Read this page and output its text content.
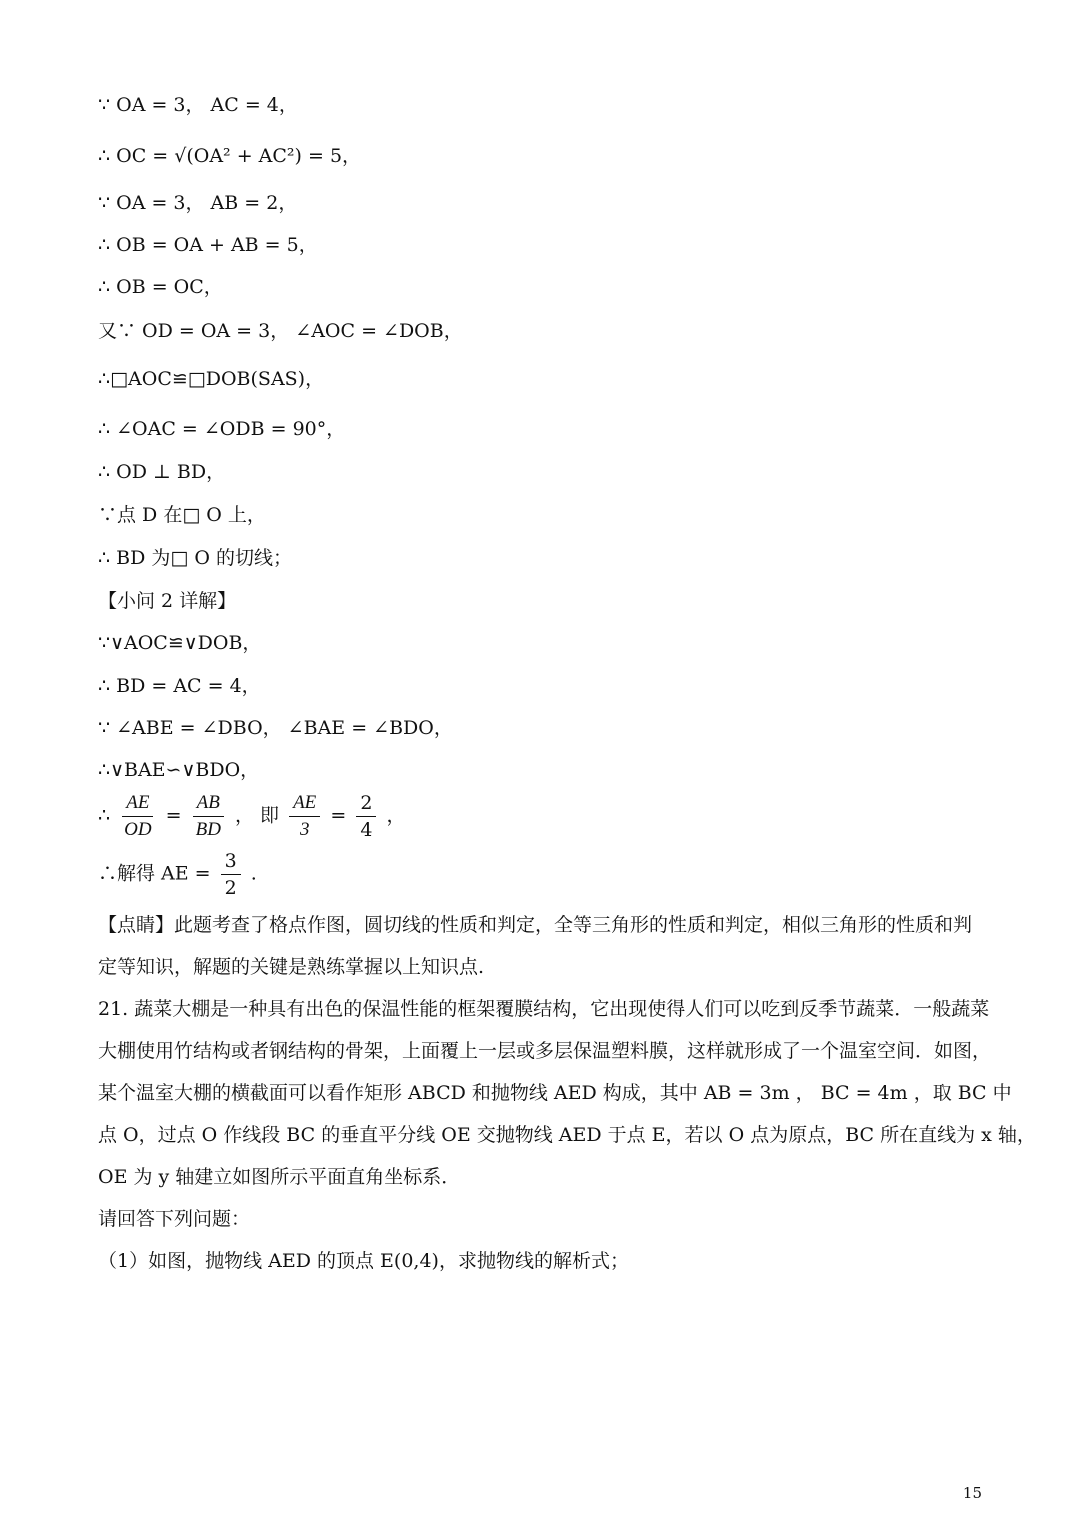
∵ OA = 3， AC = 4，
∴ OC = √(OA² + AC²) = 5，
∵ OA = 3， AB = 2，
∴ OB = OA + AB = 5，
∴ OB = OC，
又∵ OD = OA = 3， ∠AOC = ∠DOB，
∴□AOC≌□DOB(SAS)，
∴ ∠OAC = ∠ODB = 90°，
∴ OD ⊥ BD，
∵点 D 在□ O 上，
∴ BD 为□ O 的切线；
【小问 2 详解】
∵∨AOC≌∨DOB，
∴ BD = AC = 4，
∵ ∠ABE = ∠DBO， ∠BAE = ∠BDO，
∴∨BAE∽∨BDO，
∴ $\frac{AE}{OD} = \frac{AB}{BD}$ ， 即 $\frac{AE}{3} = \frac{2}{4}$ ，
∴解得 AE = $\frac{3}{2}$ .
【点睛】此题考查了格点作图，圆切线的性质和判定，全等三角形的性质和判定，相似三角形的性质和判
定等知识，解题的关键是熟练掌握以上知识点.
21. 蔬菜大棚是一种具有出色的保温性能的框架覆膜结构，它出现使得人们可以吃到反季节蔬菜．一般蔬菜
大棚使用竹结构或者钢结构的骨架，上面覆上一层或多层保温塑料膜，这样就形成了一个温室空间．如图，
某个温室大棚的横截面可以看作矩形 ABCD 和抛物线 AED 构成，其中 AB = 3m ， BC = 4m ，取 BC 中
点 O，过点 O 作线段 BC 的垂直平分线 OE 交抛物线 AED 于点 E，若以 O 点为原点，BC 所在直线为 x 轴，
OE 为 y 轴建立如图所示平面直角坐标系．
请回答下列问题：
（1）如图，抛物线 AED 的顶点 E(0,4)，求抛物线的解析式；
15
